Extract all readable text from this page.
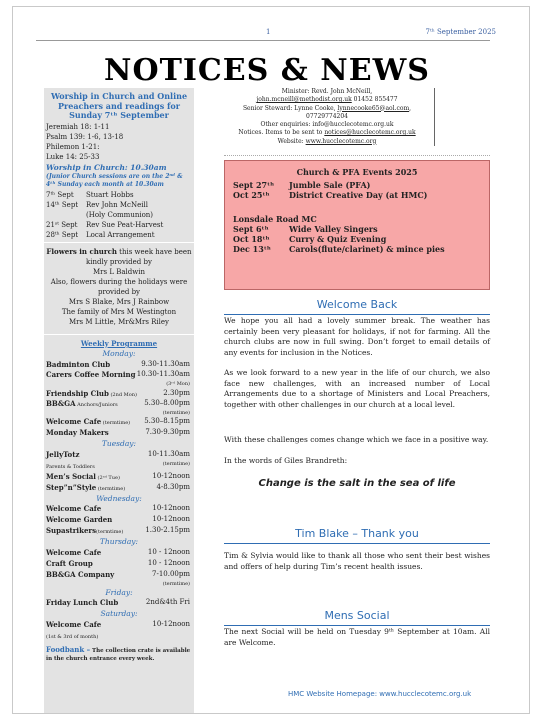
1	7ᵗʰ September 2025
NOTICES & NEWS
Worship in Church and Online
Preachers and readings for Sunday 7ᵗʰ September
Jeremiah 18: 1-11
Psalm 139: 1-6, 13-18
Philemon 1-21:
Luke 14: 25-33
Worship in Church: 10.30am
(Junior Church sessions are on the 2ⁿᵈ & 4ᵗʰ Sunday each month at 10.30am
7ᵗʰ Sept	Stuart Hobbs
14ᵗʰ Sept	Rev John McNeill
(Holy Communion)
21ˢᵗ Sept	Rev Sue Peat-Harvest
28ᵗʰ Sept	Local Arrangement
Flowers in church this week have been kindly provided by
Mrs L Baldwin
Also, flowers during the holidays were provided by
Mrs S Blake, Mrs J Rainbow
The family of Mrs M Westington
Mrs M Little, Mr&Mrs Riley
Weekly Programme
Monday:
Badminton Club	9.30-11.30am
Carers Coffee Morning 10.30-11.30am
(3ʳᵈ Mon)
Friendship Club (2nd Mon)	2.30pm
BB&GA Anchors/Juniors	5.30–8.00pm
(termtime)
Welcome Cafe (termtime) 5.30–8.15pm
Monday Makers	7.30-9.30pm
Tuesday:
JellyTotz	10-11.30am
Parents & Toddlers	(termtime)
Men’s Social (2ⁿᵈ Tue)	10-12noon
Step”n”Style (termtime)	4-8.30pm
Wednesday:
Welcome Cafe	10-12noon
Welcome Garden	10-12noon
Supastrikers(termtime)	1.30-2.15pm
Thursday:
Welcome Cafe	10 - 12noon
Craft Group	10 - 12noon
BB&GA Company	7-10.00pm
(termtime)
Friday:
Friday Lunch Club	2nd&4th Fri
Saturday:
Welcome Cafe	10-12noon
(1st & 3rd of month)
Foodbank – The collection crate is available in the church entrance every week.
Minister: Revd. John McNeill,
john.mcneill@methodist.org.uk 01452 855477
Senior Steward: Lynne Cooke, lynnecooke65@aol.com, 07729774204
Other enquiries: info@hucclecotemc.org.uk
Notices. Items to be sent to notices@hucclecotemc.org.uk
Website: www.hucclecotemc.org
Church & PFA Events 2025
Sept 27ᵗʰ	Jumble Sale (PFA)
Oct 25ᵗʰ	District Creative Day (at HMC)
Lonsdale Road MC
Sept 6ᵗʰ	Wide Valley Singers
Oct 18ᵗʰ	Curry & Quiz Evening
Dec 13ᵗʰ	Carols(flute/clarinet) & mince pies
Welcome Back
We hope you all had a lovely summer break. The weather has certainly been very pleasant for holidays, if not for farming. All the church clubs are now in full swing. Don’t forget to email details of any events for inclusion in the Notices.
As we look forward to a new year in the life of our church, we also face new challenges, with an increased number of Local Arrangements due to a shortage of Ministers and Local Preachers, together with other challenges in our church at a local level.
With these challenges comes change which we face in a positive way.
In the words of Giles Brandreth:
Change is the salt in the sea of life
Tim Blake – Thank you
Tim & Sylvia would like to thank all those who sent their best wishes and offers of help during Tim’s recent health issues.
Mens Social
The next Social will be held on Tuesday 9ᵗʰ September at 10am. All are Welcome.
HMC Website Homepage: www.hucclecotemc.org.uk
